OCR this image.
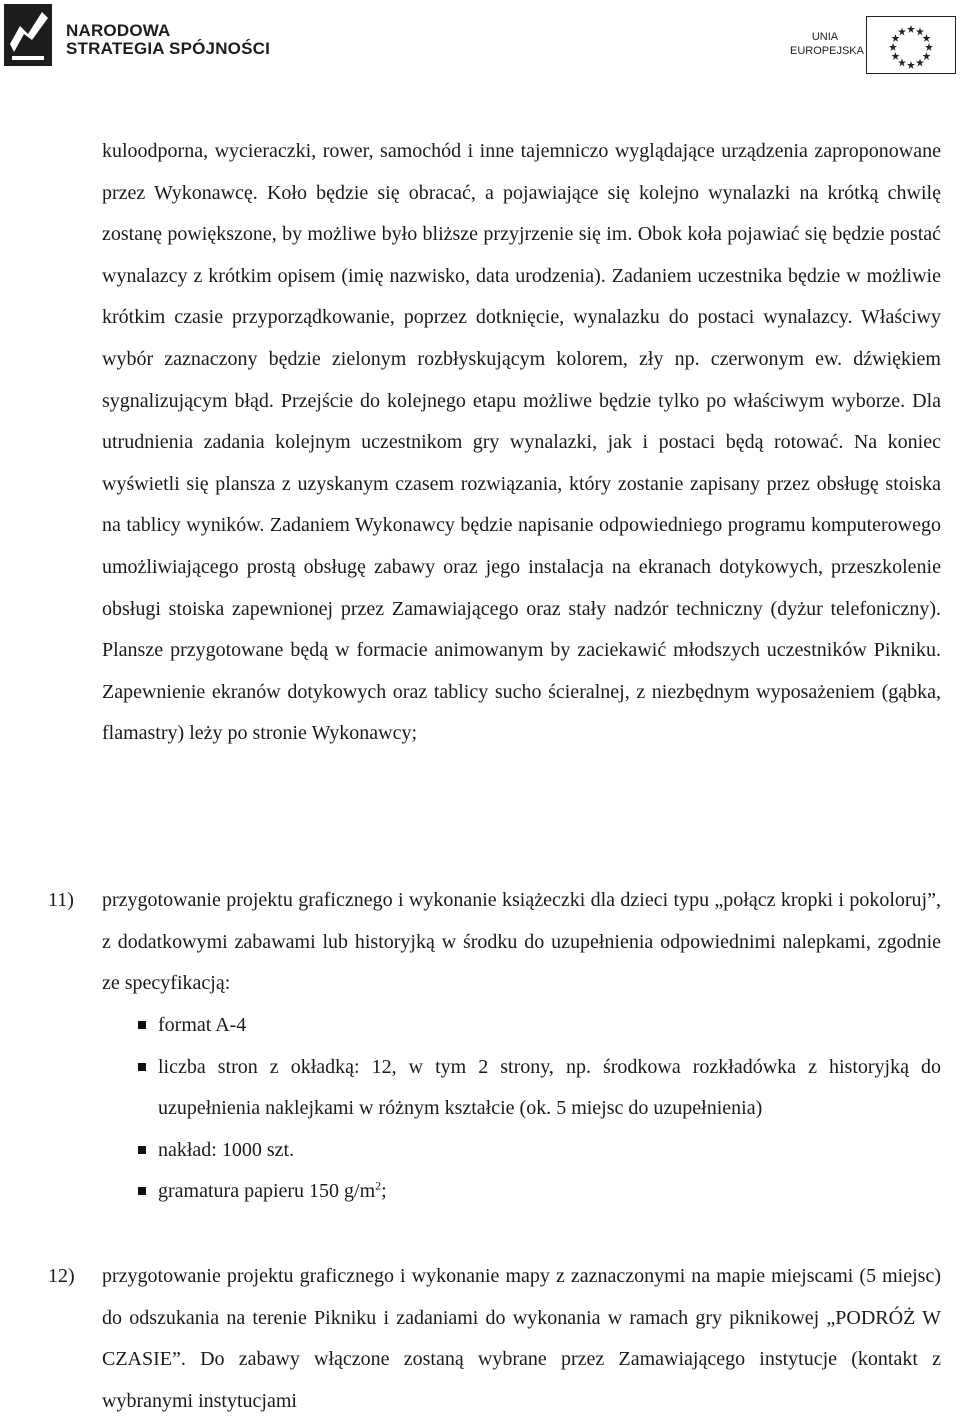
NARODOWA
STRATEGIA SPÓJNOŚCI
UNIA
EUROPEJSKA
kuloodporna, wycieraczki, rower, samochód i inne tajemniczo wyglądające urządzenia zaproponowane przez Wykonawcę. Koło będzie się obracać, a pojawiające się kolejno wynalazki na krótką chwilę zostanę powiększone, by możliwe było bliższe przyjrzenie się im. Obok koła pojawiać się będzie postać wynalazcy z krótkim opisem (imię nazwisko, data urodzenia). Zadaniem uczestnika będzie w możliwie krótkim czasie przyporządkowanie, poprzez dotknięcie, wynalazku do postaci wynalazcy. Właściwy wybór zaznaczony będzie zielonym rozbłyskującym kolorem, zły np. czerwonym ew. dźwiękiem sygnalizującym błąd. Przejście do kolejnego etapu możliwe będzie tylko po właściwym wyborze. Dla utrudnienia zadania kolejnym uczestnikom gry wynalazki, jak i postaci będą rotować. Na koniec wyświetli się plansza z uzyskanym czasem rozwiązania, który zostanie zapisany przez obsługę stoiska na tablicy wyników. Zadaniem Wykonawcy będzie napisanie odpowiedniego programu komputerowego umożliwiającego prostą obsługę zabawy oraz jego instalacja na ekranach dotykowych, przeszkolenie obsługi stoiska zapewnionej przez Zamawiającego oraz stały nadzór techniczny (dyżur telefoniczny). Plansze przygotowane będą w formacie animowanym by zaciekawić młodszych uczestników Pikniku. Zapewnienie ekranów dotykowych oraz tablicy sucho ścieralnej, z niezbędnym wyposażeniem (gąbka, flamastry) leży po stronie Wykonawcy;
11) przygotowanie projektu graficznego i wykonanie książeczki dla dzieci typu „połącz kropki i pokoloruj”, z dodatkowymi zabawami lub historyjką w środku do uzupełnienia odpowiednimi nalepkami, zgodnie ze specyfikacją:
format A-4
liczba stron z okładką: 12, w tym 2 strony, np. środkowa rozkładówka z historyjką do uzupełnienia naklejkami w różnym kształcie (ok. 5 miejsc do uzupełnienia)
nakład: 1000 szt.
gramatura papieru 150 $g/m^2$;
12) przygotowanie projektu graficznego i wykonanie mapy z zaznaczonymi na mapie miejscami (5 miejsc) do odszukania na terenie Pikniku i zadaniami do wykonania w ramach gry piknikowej „PODRÓŻ W CZASIE”. Do zabawy włączone zostaną wybrane przez Zamawiającego instytucje (kontakt z wybranymi instytucjami
